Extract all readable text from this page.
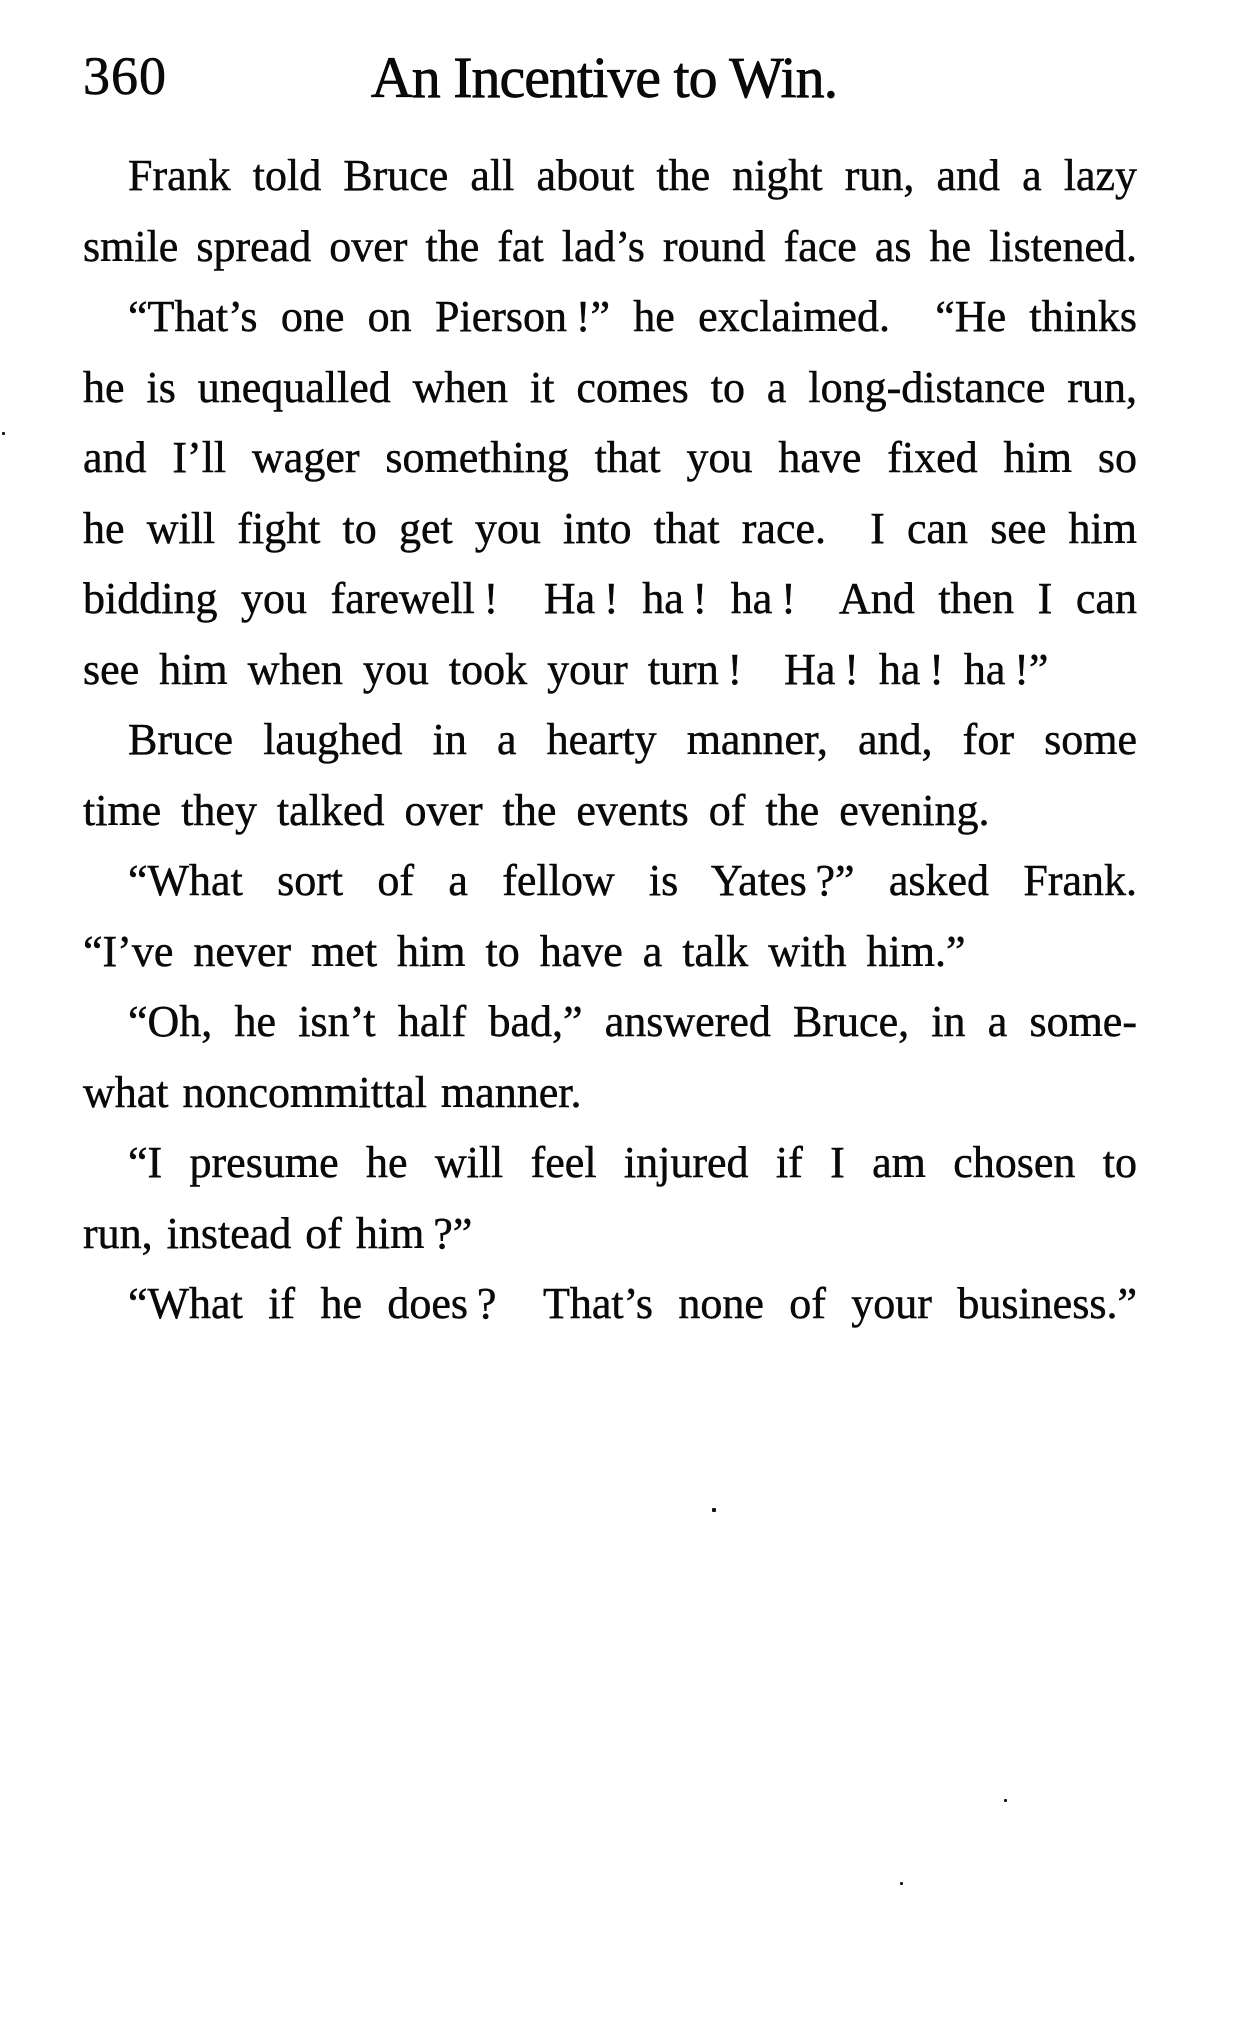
360	An Incentive to Win.
Frank told Bruce all about the night run, and a lazy
smile spread over the fat lad’s round face as he listened.
“That’s one on Pierson !” he exclaimed.  “He thinks
he is unequalled when it comes to a long-distance run,
and I’ll wager something that you have fixed him so
he will fight to get you into that race.  I can see him
bidding you farewell !  Ha ! ha ! ha !  And then I can
see him when you took your turn !  Ha ! ha ! ha !”
Bruce laughed in a hearty manner, and, for some
time they talked over the events of the evening.
“What sort of a fellow is Yates ?” asked Frank.
“I’ve never met him to have a talk with him.”
“Oh, he isn’t half bad,” answered Bruce, in a some-
what noncommittal manner.
“I presume he will feel injured if I am chosen to
run, instead of him ?”
“What if he does ?  That’s none of your business.”
